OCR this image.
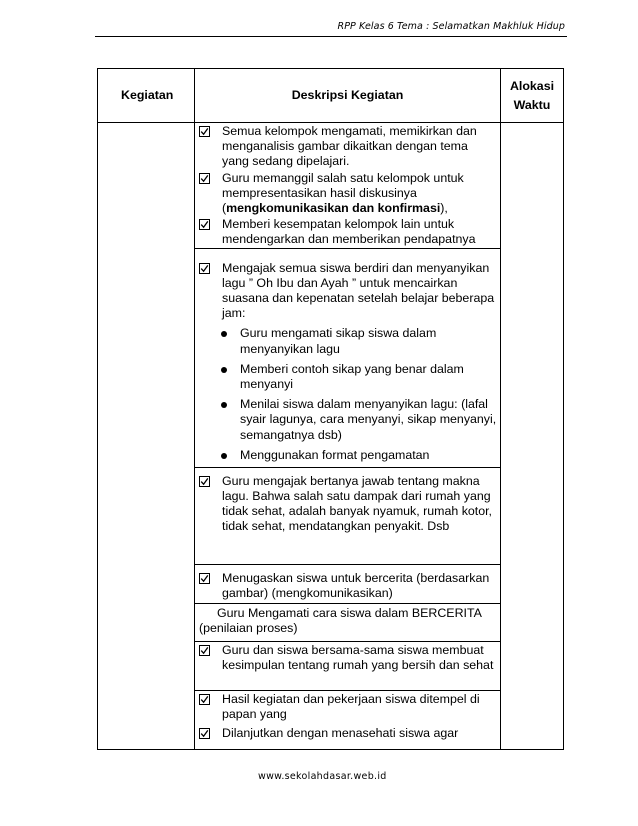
RPP Kelas 6 Tema : Selamatkan Makhluk Hidup
Kegiatan	Deskripsi Kegiatan	Alokasi
Waktu

	Semua kelompok mengamati, memikirkan dan menganalisis gambar dikaitkan dengan tema yang sedang dipelajari.
Guru memanggil salah satu kelompok untuk mempresentasikan hasil diskusinya (mengkomunikasikan dan konfirmasi),
Memberi kesempatan kelompok lain untuk mendengarkan dan memberikan pendapatnya	

	Mengajak semua siswa berdiri dan menyanyikan lagu ” Oh Ibu dan Ayah ” untuk mencairkan suasana dan kepenatan setelah belajar beberapa jam:
Guru mengamati sikap siswa dalam menyanyikan lagu
Memberi contoh sikap yang benar dalam menyanyi
Menilai siswa dalam menyanyikan lagu: (lafal syair lagunya, cara menyanyi, sikap menyanyi, semangatnya dsb)
Menggunakan format pengamatan	

	Guru mengajak bertanya jawab tentang makna lagu. Bahwa salah satu dampak dari rumah yang tidak sehat, adalah banyak nyamuk, rumah kotor, tidak sehat, mendatangkan penyakit. Dsb	

	Menugaskan siswa untuk bercerita (berdasarkan gambar) (mengkomunikasikan)	

	Guru Mengamati cara siswa dalam BERCERITA
(penilaian proses)	

	Guru dan siswa bersama-sama siswa membuat kesimpulan tentang rumah yang bersih dan sehat	

	Hasil kegiatan dan pekerjaan siswa ditempel di papan yang
Dilanjutkan dengan menasehati siswa agar	
www.sekolahdasar.web.id
